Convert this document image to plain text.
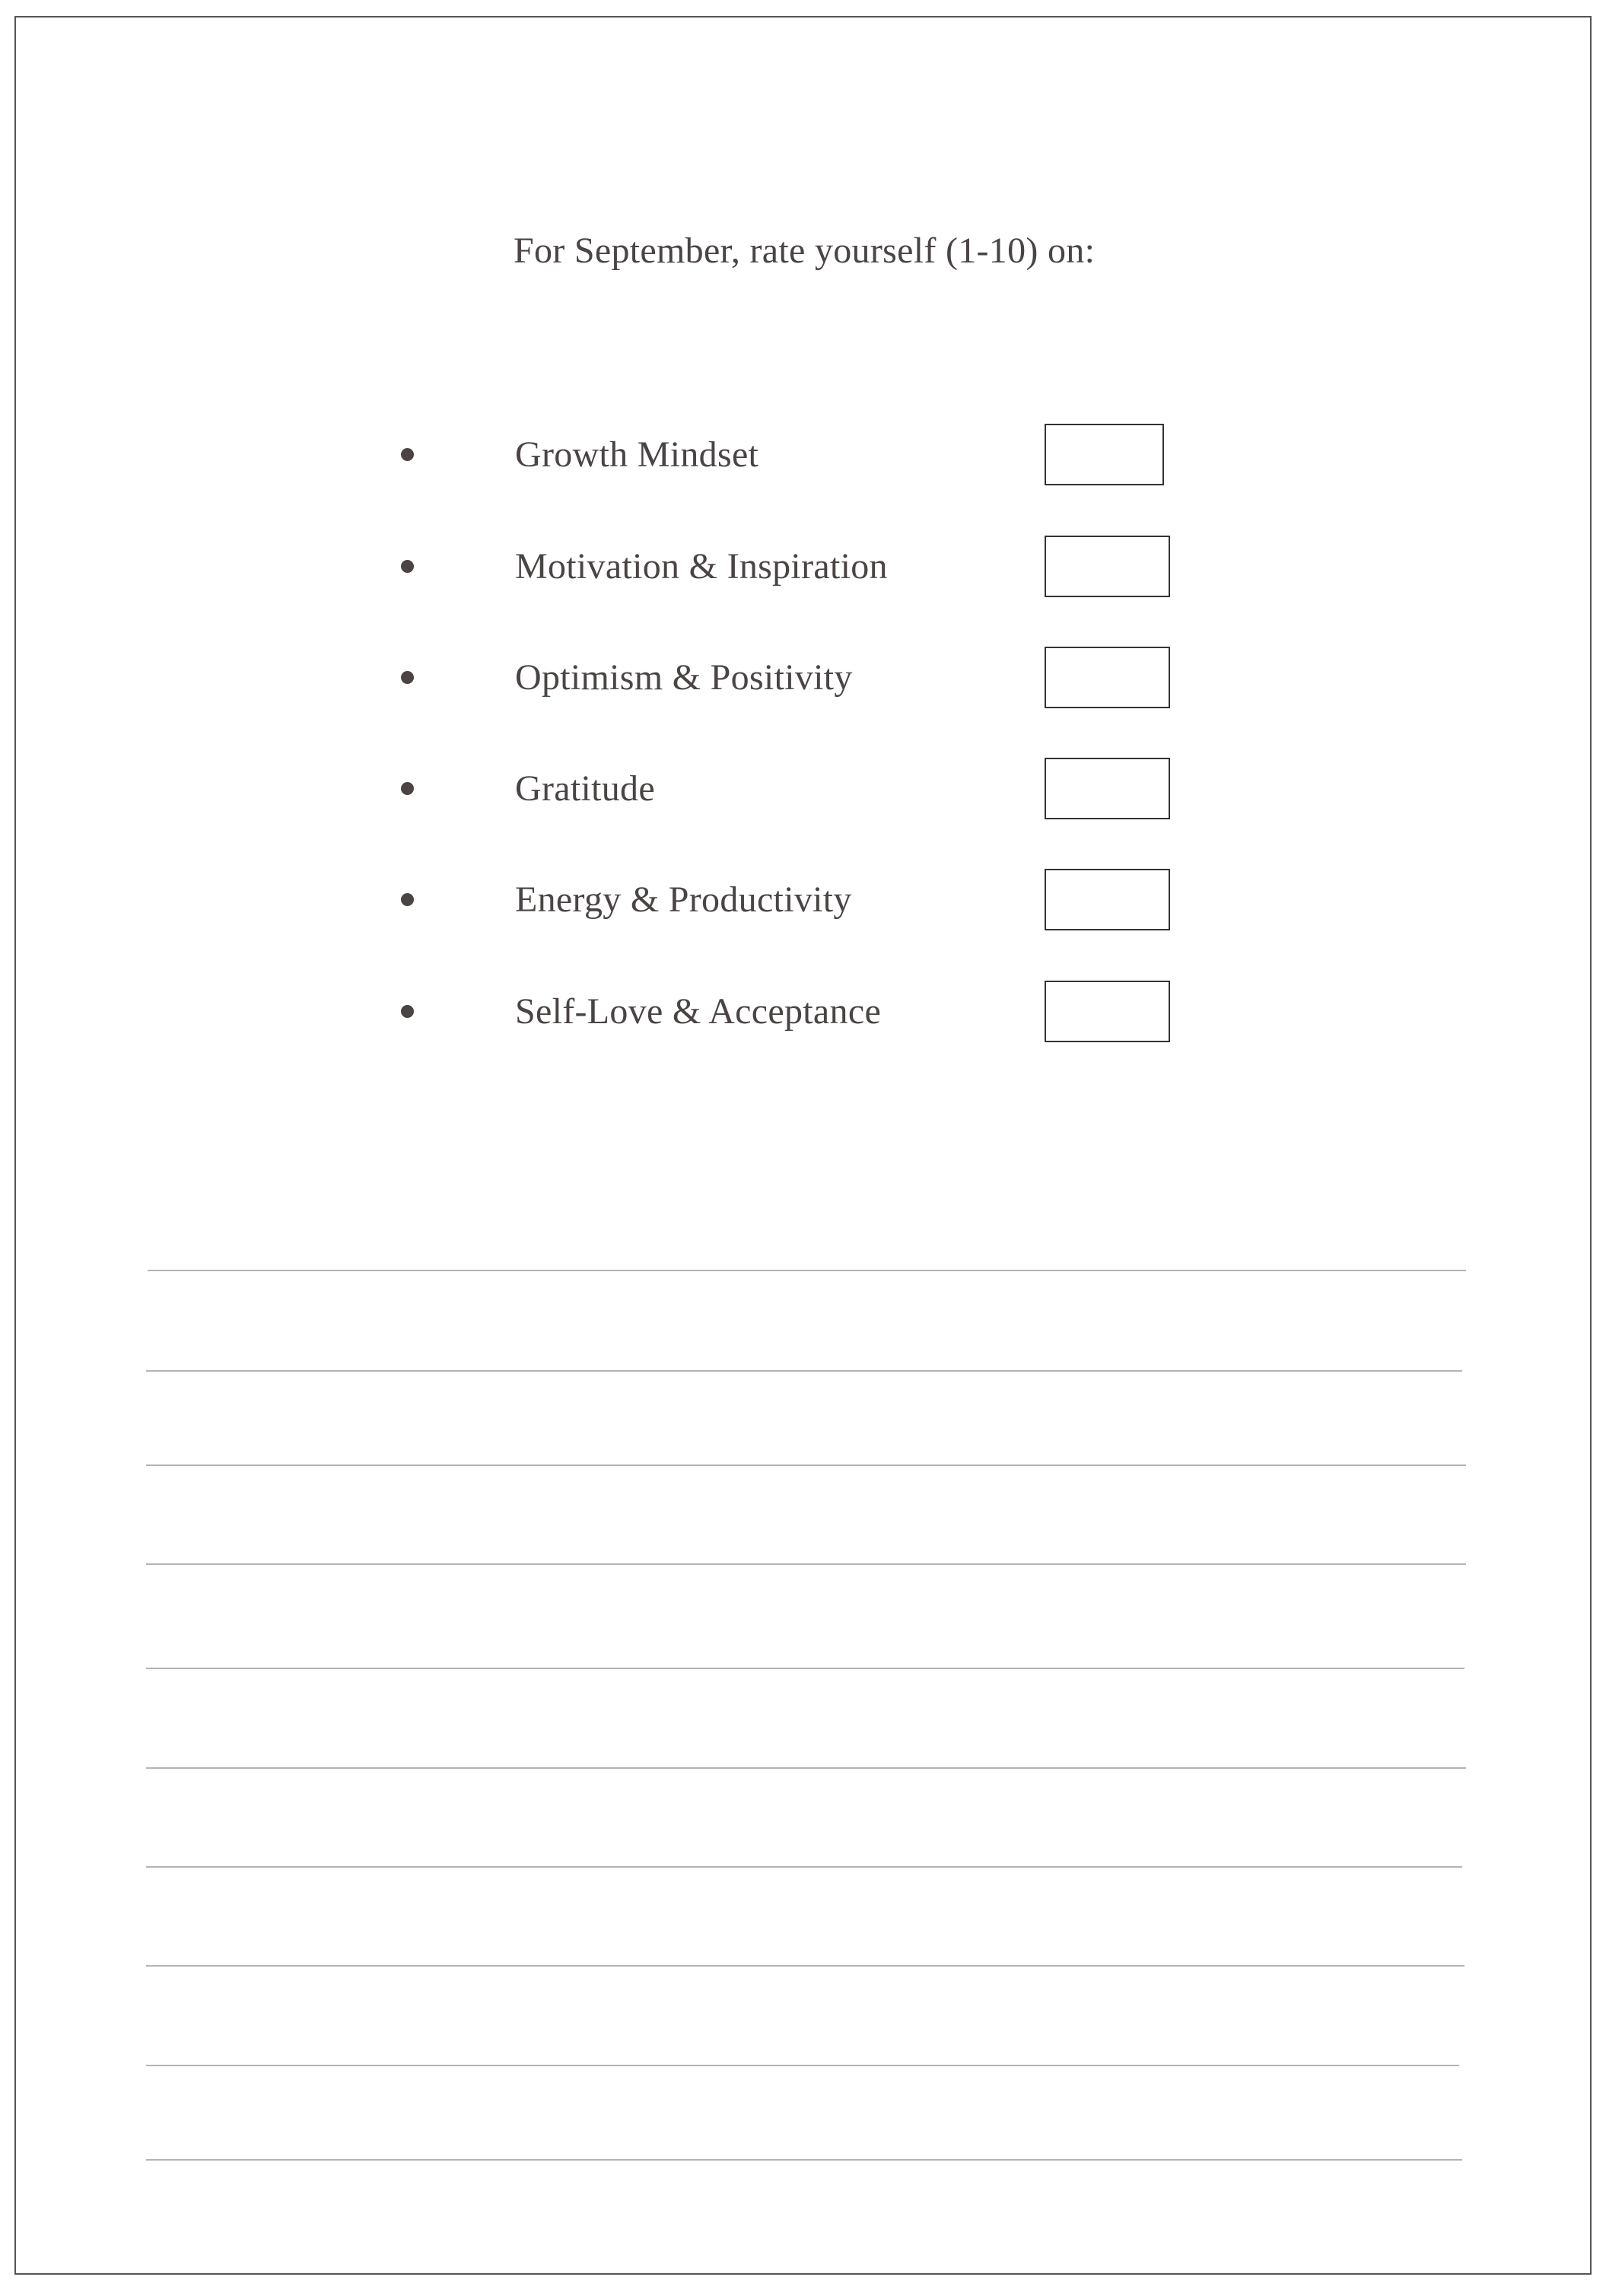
For September, rate yourself (1-10) on:
Growth Mindset
Motivation & Inspiration
Optimism & Positivity
Gratitude
Energy & Productivity
Self-Love & Acceptance
